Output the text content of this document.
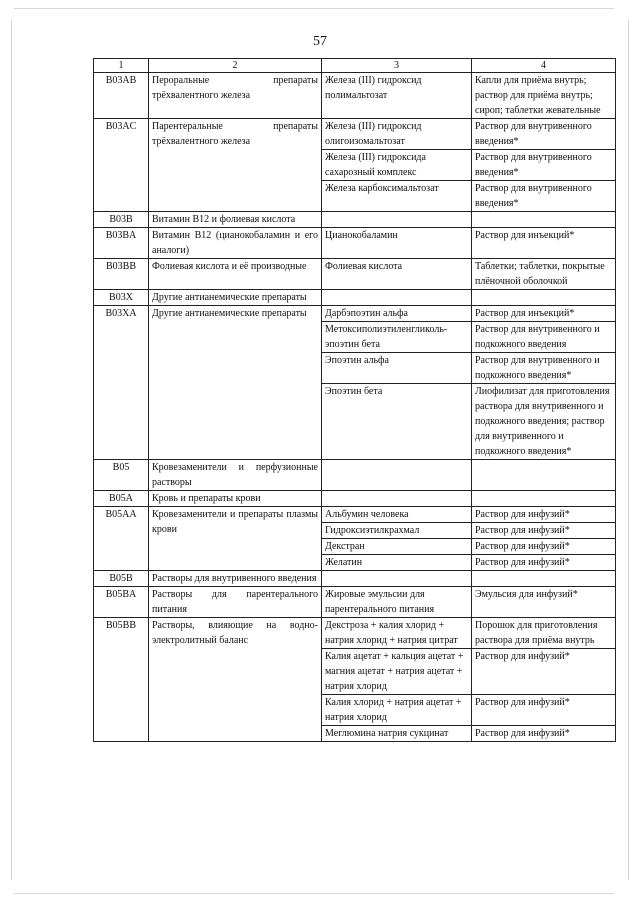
57
1	2	3	4
B03AB	Пероральные препараты трёхвалентного железа	Железа (III) гидроксид полимальтозат	Капли для приёма внутрь; раствор для приёма внутрь; сироп; таблетки жевательные
B03AC	Парентеральные препараты трёхвалентного железа	Железа (III) гидроксид олигоизомальтозат	Раствор для внутривенного введения*
		Железа (III) гидроксида сахарозный комплекс	Раствор для внутривенного введения*
		Железа карбоксимальтозат	Раствор для внутривенного введения*
B03B	Витамин B12 и фолиевая кислота		
B03BA	Витамин B12 (цианокобаламин и его аналоги)	Цианокобаламин	Раствор для инъекций*
B03BB	Фолиевая кислота и её производные	Фолиевая кислота	Таблетки; таблетки, покрытые плёночной оболочкой
B03X	Другие антианемические препараты		
B03XA	Другие антианемические препараты	Дарбэпоэтин альфа	Раствор для инъекций*
		Метоксиполиэтиленгликоль-эпоэтин бета	Раствор для внутривенного и подкожного введения
		Эпоэтин альфа	Раствор для внутривенного и подкожного введения*
		Эпоэтин бета	Лиофилизат для приготовления раствора для внутривенного и подкожного введения; раствор для внутривенного и подкожного введения*
B05	Кровезаменители и перфузионные растворы		
B05A	Кровь и препараты крови		
B05AA	Кровезаменители и препараты плазмы крови	Альбумин человека	Раствор для инфузий*
		Гидроксиэтилкрахмал	Раствор для инфузий*
		Декстран	Раствор для инфузий*
		Желатин	Раствор для инфузий*
B05B	Растворы для внутривенного введения		
B05BA	Растворы для парентерального питания	Жировые эмульсии для парентерального питания	Эмульсия для инфузий*
B05BB	Растворы, влияющие на водно-электролитный баланс	Декстроза + калия хлорид + натрия хлорид + натрия цитрат	Порошок для приготовления раствора для приёма внутрь
		Калия ацетат + кальция ацетат + магния ацетат + натрия ацетат + натрия хлорид	Раствор для инфузий*
		Калия хлорид + натрия ацетат + натрия хлорид	Раствор для инфузий*
		Меглюмина натрия сукцинат	Раствор для инфузий*
